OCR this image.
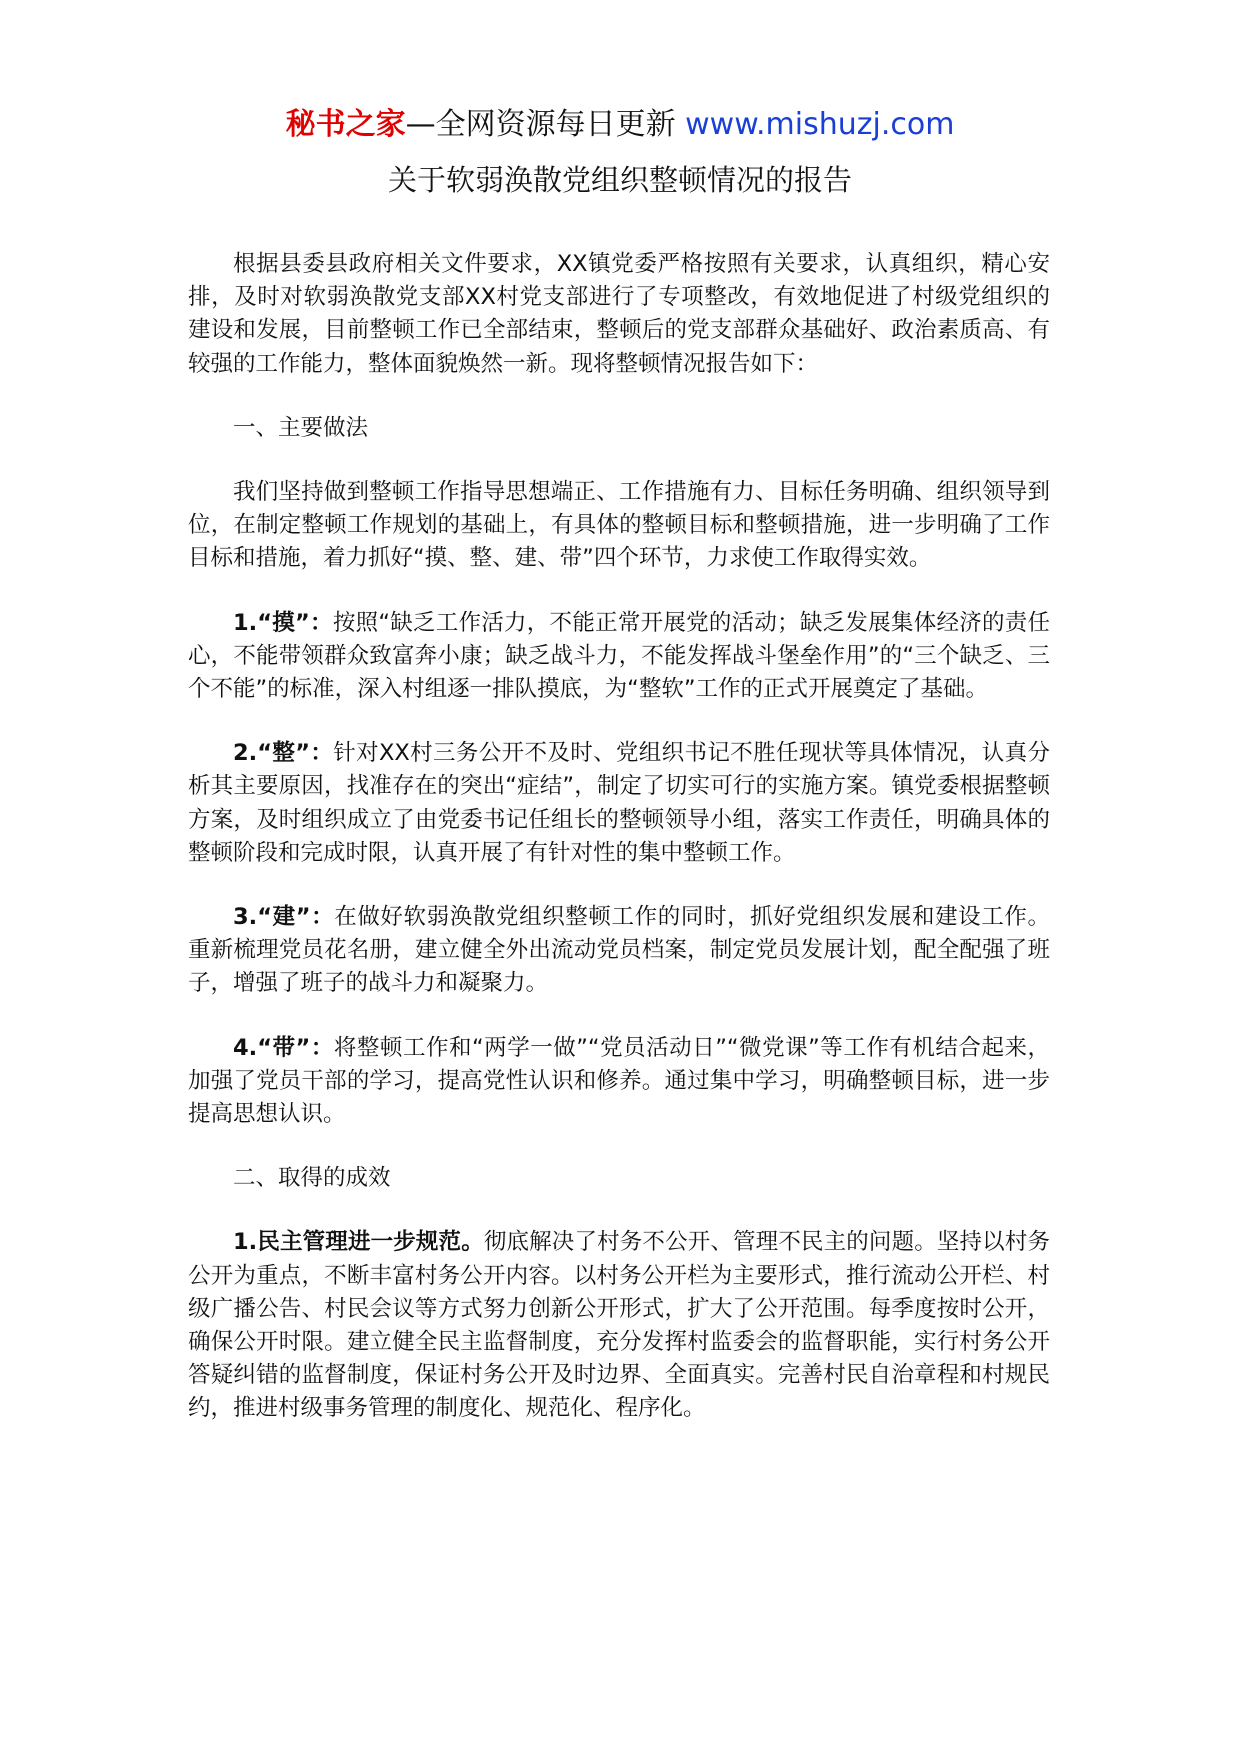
秘书之家—全网资源每日更新 www.mishuzj.com
关于软弱涣散党组织整顿情况的报告

根据县委县政府相关文件要求，XX镇党委严格按照有关要求，认真组织，精心安排，及时对软弱涣散党支部XX村党支部进行了专项整改，有效地促进了村级党组织的建设和发展，目前整顿工作已全部结束，整顿后的党支部群众基础好、政治素质高、有较强的工作能力，整体面貌焕然一新。现将整顿情况报告如下：

一、主要做法

我们坚持做到整顿工作指导思想端正、工作措施有力、目标任务明确、组织领导到位，在制定整顿工作规划的基础上，有具体的整顿目标和整顿措施，进一步明确了工作目标和措施，着力抓好“摸、整、建、带”四个环节，力求使工作取得实效。

1.“摸”：按照“缺乏工作活力，不能正常开展党的活动；缺乏发展集体经济的责任心，不能带领群众致富奔小康；缺乏战斗力，不能发挥战斗堡垒作用”的“三个缺乏、三个不能”的标准，深入村组逐一排队摸底，为“整软”工作的正式开展奠定了基础。

2.“整”：针对XX村三务公开不及时、党组织书记不胜任现状等具体情况，认真分析其主要原因，找准存在的突出“症结”，制定了切实可行的实施方案。镇党委根据整顿方案，及时组织成立了由党委书记任组长的整顿领导小组，落实工作责任，明确具体的整顿阶段和完成时限，认真开展了有针对性的集中整顿工作。

3.“建”：在做好软弱涣散党组织整顿工作的同时，抓好党组织发展和建设工作。重新梳理党员花名册，建立健全外出流动党员档案，制定党员发展计划，配全配强了班子，增强了班子的战斗力和凝聚力。

4.“带”：将整顿工作和“两学一做”“党员活动日”“微党课”等工作有机结合起来，加强了党员干部的学习，提高党性认识和修养。通过集中学习，明确整顿目标，进一步提高思想认识。

二、取得的成效

1.民主管理进一步规范。彻底解决了村务不公开、管理不民主的问题。坚持以村务公开为重点，不断丰富村务公开内容。以村务公开栏为主要形式，推行流动公开栏、村级广播公告、村民会议等方式努力创新公开形式，扩大了公开范围。每季度按时公开，确保公开时限。建立健全民主监督制度，充分发挥村监委会的监督职能，实行村务公开答疑纠错的监督制度，保证村务公开及时边界、全面真实。完善村民自治章程和村规民约，推进村级事务管理的制度化、规范化、程序化。
